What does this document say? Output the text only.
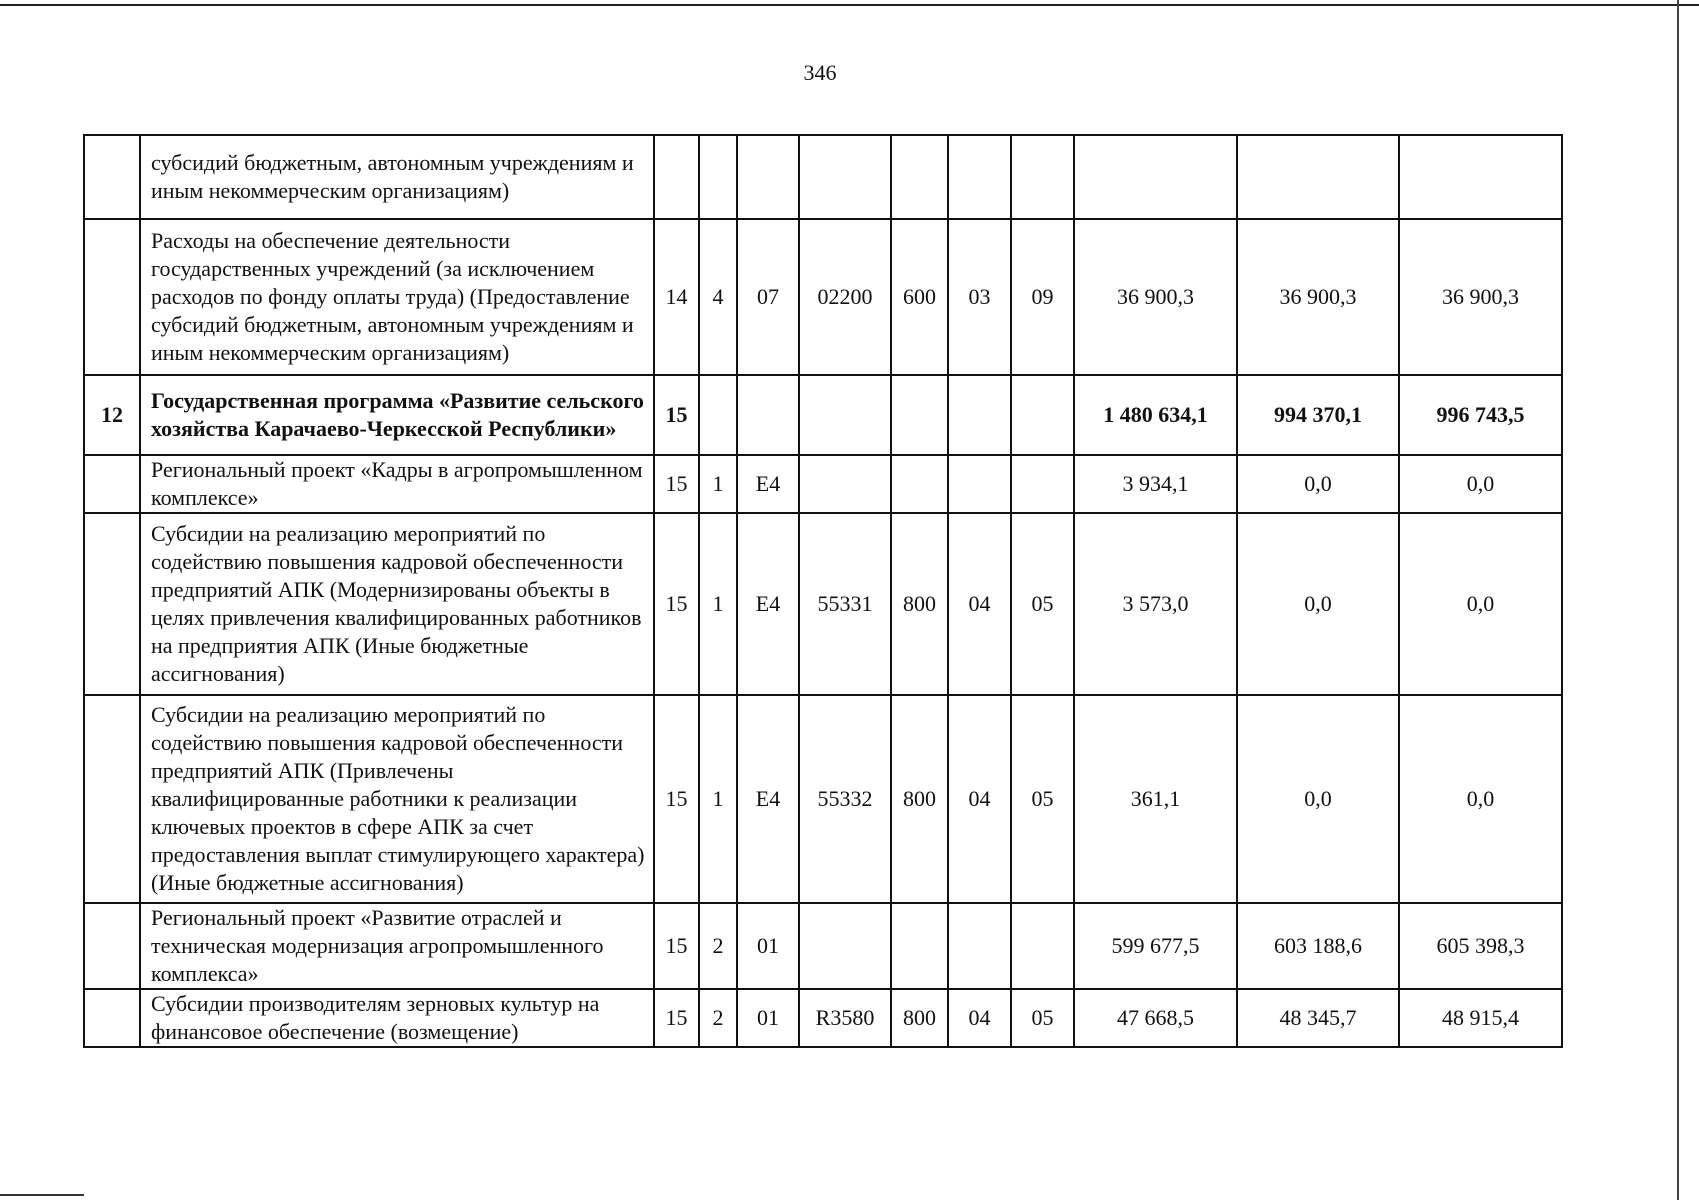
346
	субсидий бюджетным, автономным учреждениям и иным некоммерческим организациям)										
	Расходы на обеспечение деятельности государственных учреждений (за исключением расходов по фонду оплаты труда) (Предоставление субсидий бюджетным, автономным учреждениям и иным некоммерческим организациям)	14	4	07	02200	600	03	09	36 900,3	36 900,3	36 900,3
12	Государственная программа «Развитие сельского хозяйства Карачаево-Черкесской Республики»	15							1 480 634,1	994 370,1	996 743,5
	Региональный проект «Кадры в агропромышленном комплексе»	15	1	Е4					3 934,1	0,0	0,0
	Субсидии на реализацию мероприятий по содействию повышения кадровой обеспеченности предприятий АПК (Модернизированы объекты в целях привлечения квалифицированных работников на предприятия АПК (Иные бюджетные ассигнования)	15	1	Е4	55331	800	04	05	3 573,0	0,0	0,0
	Субсидии на реализацию мероприятий по содействию повышения кадровой обеспеченности предприятий АПК (Привлечены квалифицированные работники к реализации ключевых проектов в сфере АПК за счет предоставления выплат стимулирующего характера) (Иные бюджетные ассигнования)	15	1	Е4	55332	800	04	05	361,1	0,0	0,0
	Региональный проект «Развитие отраслей и техническая модернизация агропромышленного комплекса»	15	2	01					599 677,5	603 188,6	605 398,3
	Субсидии производителям зерновых культур на финансовое обеспечение (возмещение)	15	2	01	R3580	800	04	05	47 668,5	48 345,7	48 915,4
